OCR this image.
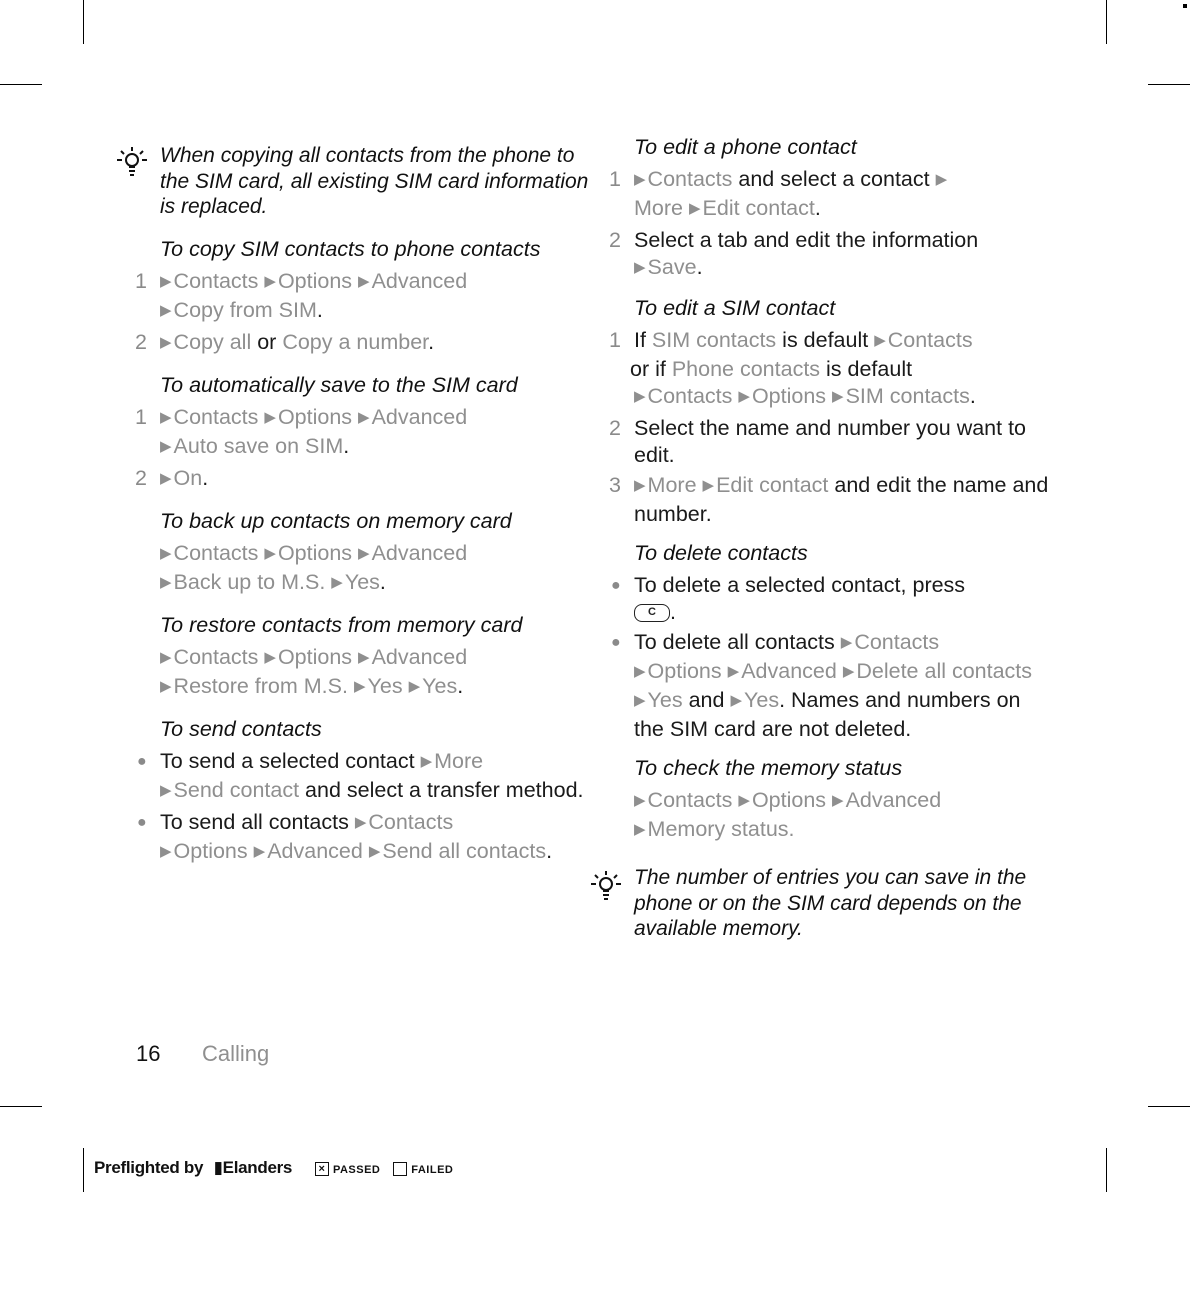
When copying all contacts from the phone to the SIM card, all existing SIM card information is replaced.
To copy SIM contacts to phone contacts
1 ▶Contacts ▶Options ▶Advanced
▶Copy from SIM.
2 ▶Copy all or Copy a number.
To automatically save to the SIM card
1 ▶Contacts ▶Options ▶Advanced
▶Auto save on SIM.
2 ▶On.
To back up contacts on memory card
▶Contacts ▶Options ▶Advanced
▶Back up to M.S. ▶Yes.
To restore contacts from memory card
▶Contacts ▶Options ▶Advanced
▶Restore from M.S. ▶Yes ▶Yes.
To send contacts
● To send a selected contact ▶More
▶Send contact and select a transfer method.
● To send all contacts ▶Contacts
▶Options ▶Advanced ▶Send all contacts.
To edit a phone contact
1 ▶Contacts and select a contact ▶
More ▶Edit contact.
2 Select a tab and edit the information
▶Save.
To edit a SIM contact
1 If SIM contacts is default ▶Contacts
or if Phone contacts is default
▶Contacts ▶Options ▶SIM contacts.
2 Select the name and number you want to edit.
3 ▶More ▶Edit contact and edit the name and number.
To delete contacts
● To delete a selected contact, press
C .
● To delete all contacts ▶Contacts
▶Options ▶Advanced ▶Delete all contacts ▶Yes and ▶Yes. Names and numbers on the SIM card are not deleted.
To check the memory status
▶Contacts ▶Options ▶Advanced
▶Memory status.
The number of entries you can save in the phone or on the SIM card depends on the available memory.
16 Calling
Preflighted by ▮Elanders × PASSED	FAILED
